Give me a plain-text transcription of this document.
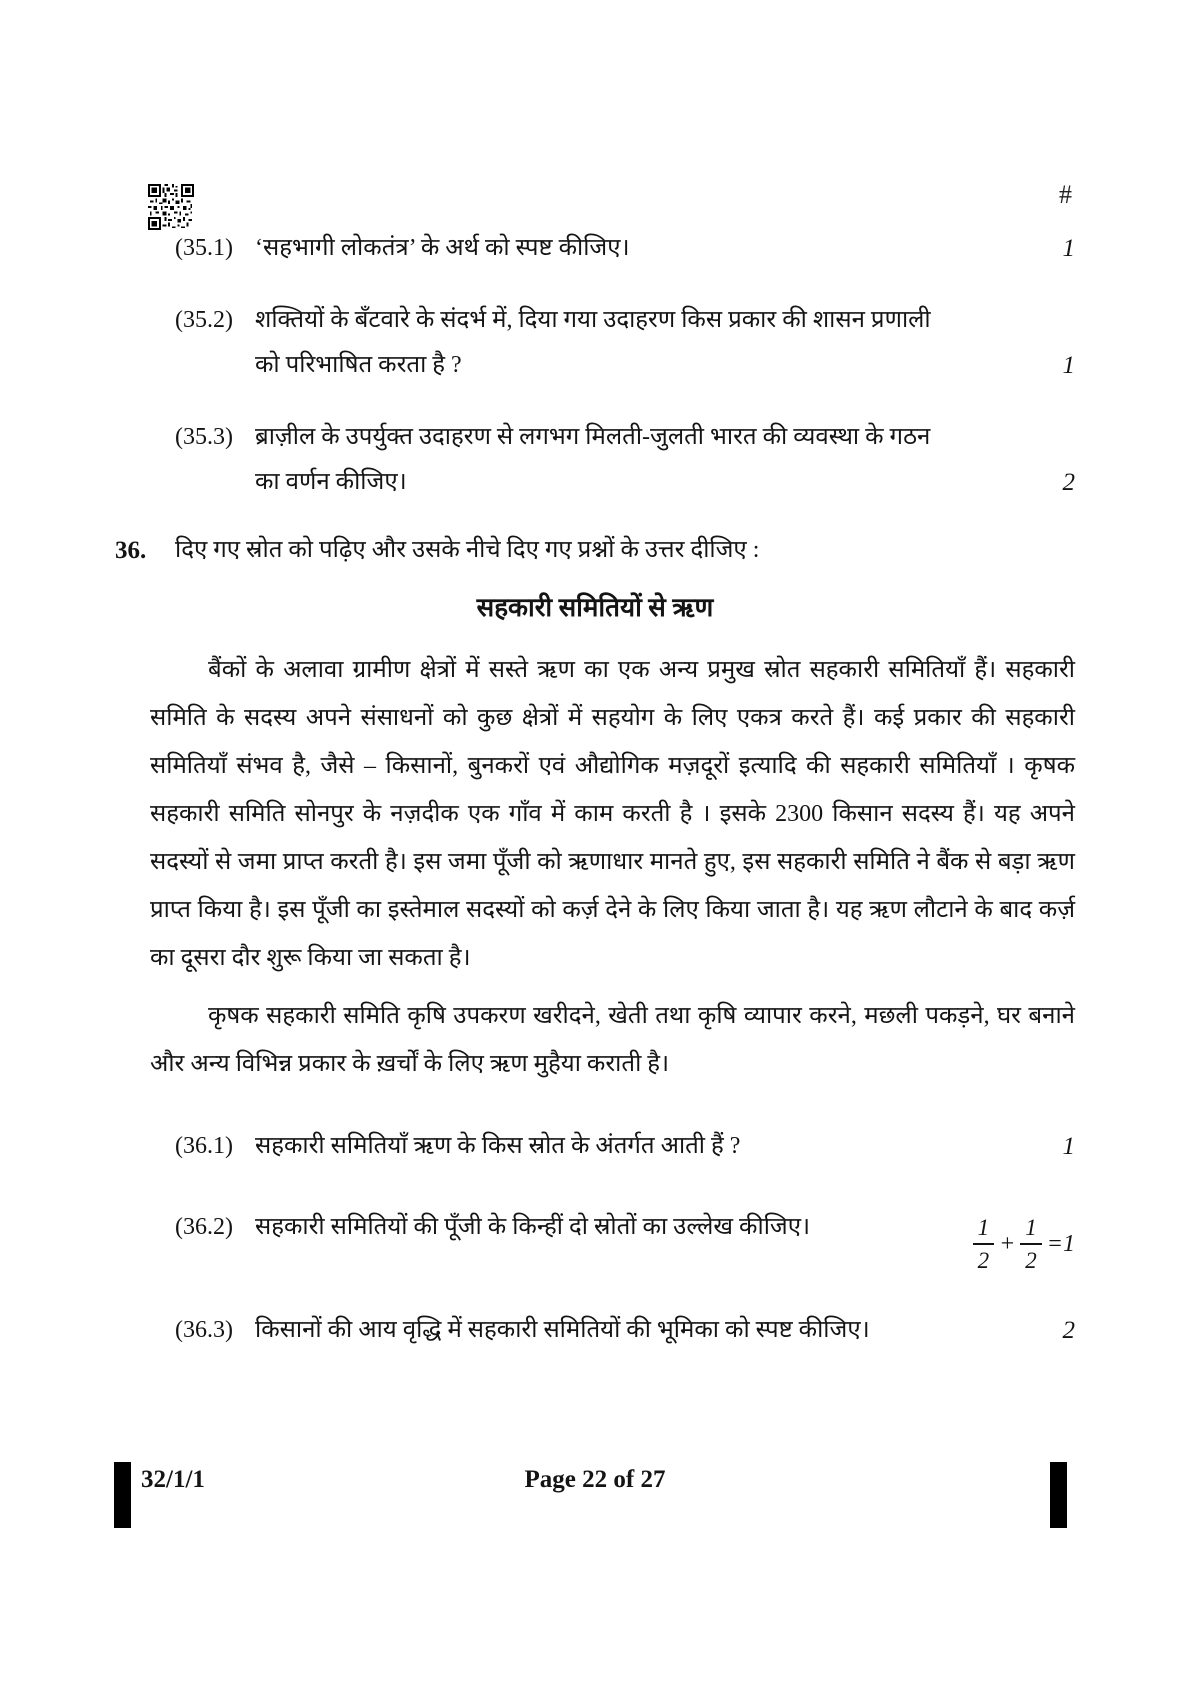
#
(35.1) ‘सहभागी लोकतंत्र’ के अर्थ को स्पष्ट कीजिए।	1
(35.2) शक्तियों के बँटवारे के संदर्भ में, दिया गया उदाहरण किस प्रकार की शासन प्रणाली को परिभाषित करता है ?	1
(35.3) ब्राज़ील के उपर्युक्त उदाहरण से लगभग मिलती-जुलती भारत की व्यवस्था के गठन का वर्णन कीजिए।	2
36.	दिए गए स्रोत को पढ़िए और उसके नीचे दिए गए प्रश्नों के उत्तर दीजिए :
सहकारी समितियों से ऋण

बैंकों के अलावा ग्रामीण क्षेत्रों में सस्ते ऋण का एक अन्य प्रमुख स्रोत सहकारी समितियाँ हैं। सहकारी समिति के सदस्य अपने संसाधनों को कुछ क्षेत्रों में सहयोग के लिए एकत्र करते हैं। कई प्रकार की सहकारी समितियाँ संभव है, जैसे – किसानों, बुनकरों एवं औद्योगिक मज़दूरों इत्यादि की सहकारी समितियाँ । कृषक सहकारी समिति सोनपुर के नज़दीक एक गाँव में काम करती है । इसके 2300 किसान सदस्य हैं। यह अपने सदस्यों से जमा प्राप्त करती है। इस जमा पूँजी को ऋणाधार मानते हुए, इस सहकारी समिति ने बैंक से बड़ा ऋण प्राप्त किया है। इस पूँजी का इस्तेमाल सदस्यों को कर्ज़ देने के लिए किया जाता है। यह ऋण लौटाने के बाद कर्ज़ का दूसरा दौर शुरू किया जा सकता है।

कृषक सहकारी समिति कृषि उपकरण खरीदने, खेती तथा कृषि व्यापार करने, मछली पकड़ने, घर बनाने और अन्य विभिन्न प्रकार के ख़र्चों के लिए ऋण मुहैया कराती है।

(36.1) सहकारी समितियाँ ऋण के किस स्रोत के अंतर्गत आती हैं ?	1
(36.2) सहकारी समितियों की पूँजी के किन्हीं दो स्रोतों का उल्लेख कीजिए।	$\frac{1}{2} + \frac{1}{2} =1$
(36.3) किसानों की आय वृद्धि में सहकारी समितियों की भूमिका को स्पष्ट कीजिए।	2
32/1/1	Page 22 of 27
